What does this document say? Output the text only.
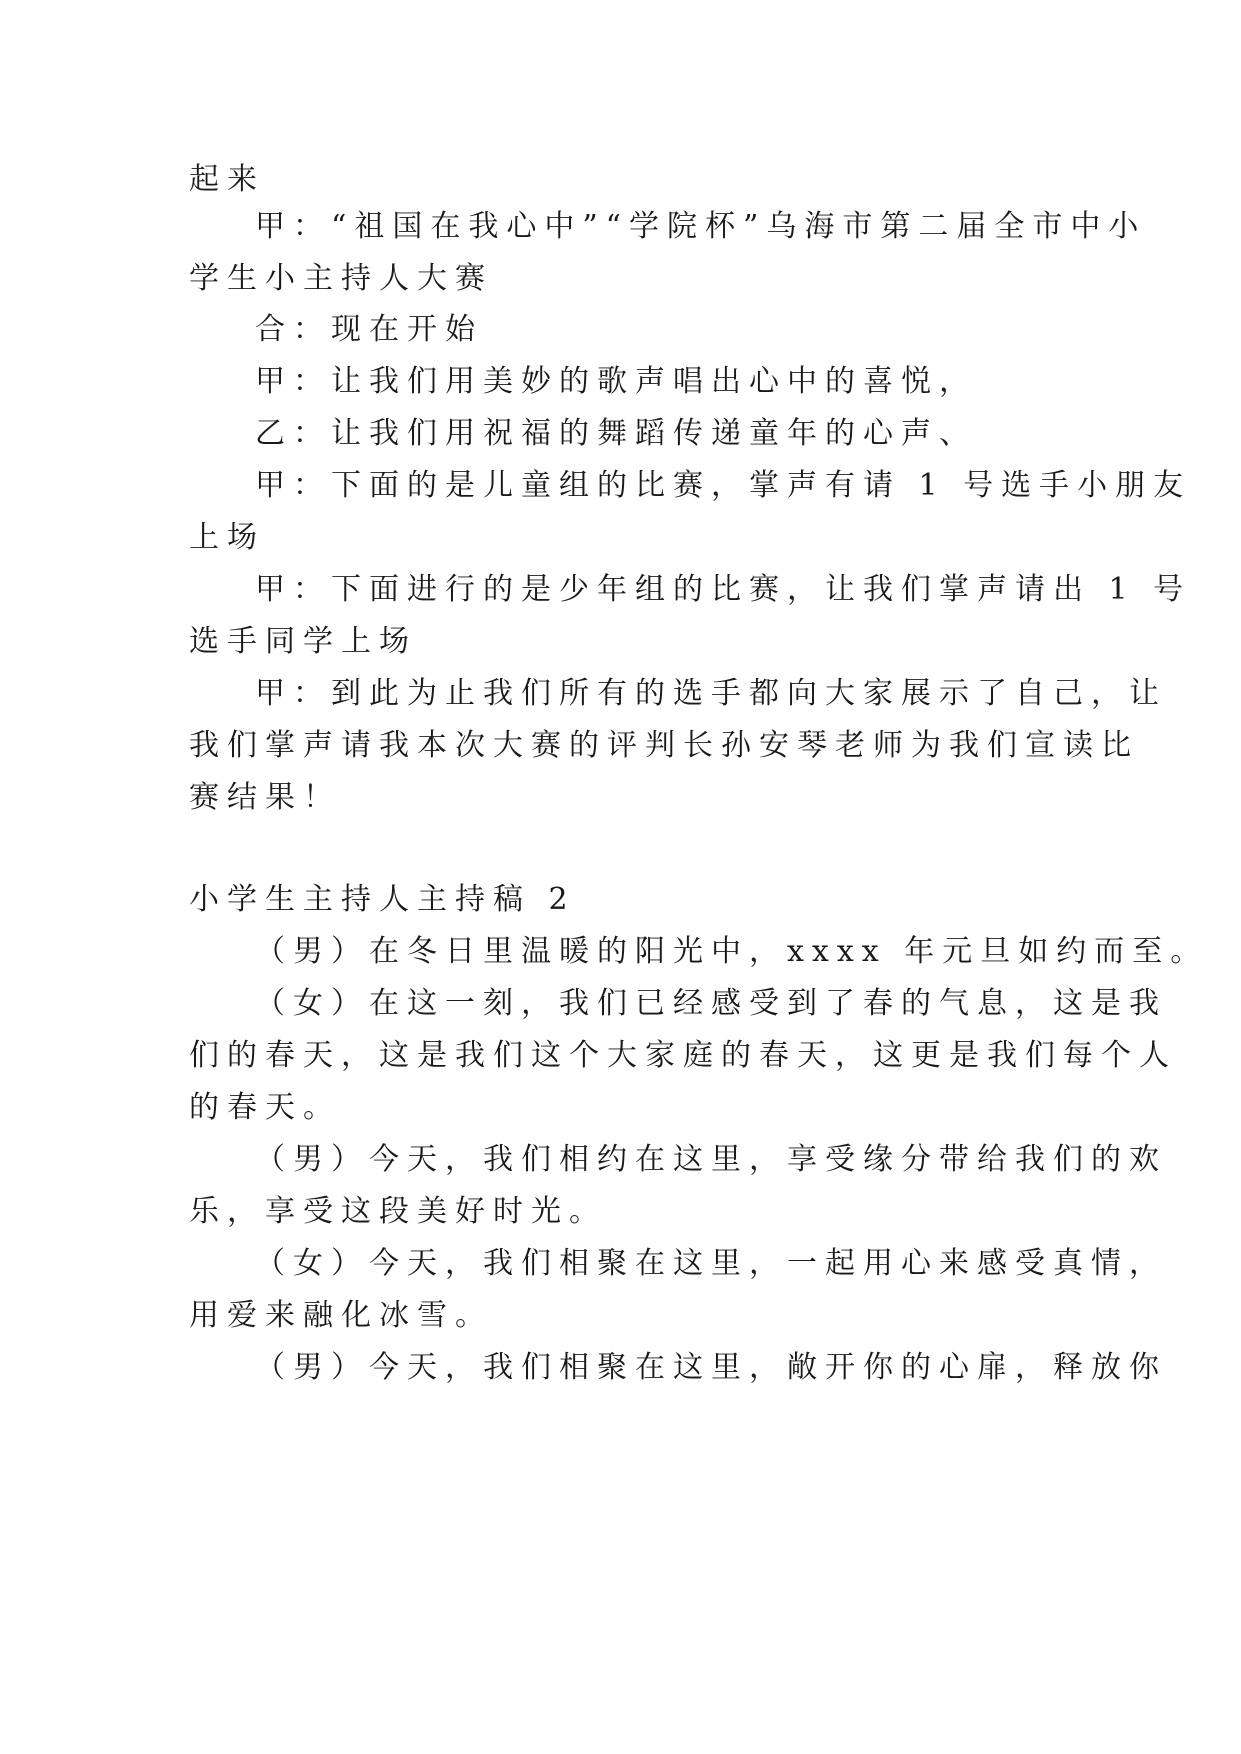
起来
甲：“祖国在我心中”“学院杯”乌海市第二届全市中小
学生小主持人大赛
合：现在开始
甲：让我们用美妙的歌声唱出心中的喜悦，
乙：让我们用祝福的舞蹈传递童年的心声、
甲：下面的是儿童组的比赛，掌声有请 1 号选手小朋友
上场
甲：下面进行的是少年组的比赛，让我们掌声请出 1 号
选手同学上场
甲：到此为止我们所有的选手都向大家展示了自己，让
我们掌声请我本次大赛的评判长孙安琴老师为我们宣读比
赛结果！
小学生主持人主持稿 2
（男）在冬日里温暖的阳光中，xxxx 年元旦如约而至。
（女）在这一刻，我们已经感受到了春的气息，这是我
们的春天，这是我们这个大家庭的春天，这更是我们每个人
的春天。
（男）今天，我们相约在这里，享受缘分带给我们的欢
乐，享受这段美好时光。
（女）今天，我们相聚在这里，一起用心来感受真情，
用爱来融化冰雪。
（男）今天，我们相聚在这里，敞开你的心扉，释放你
